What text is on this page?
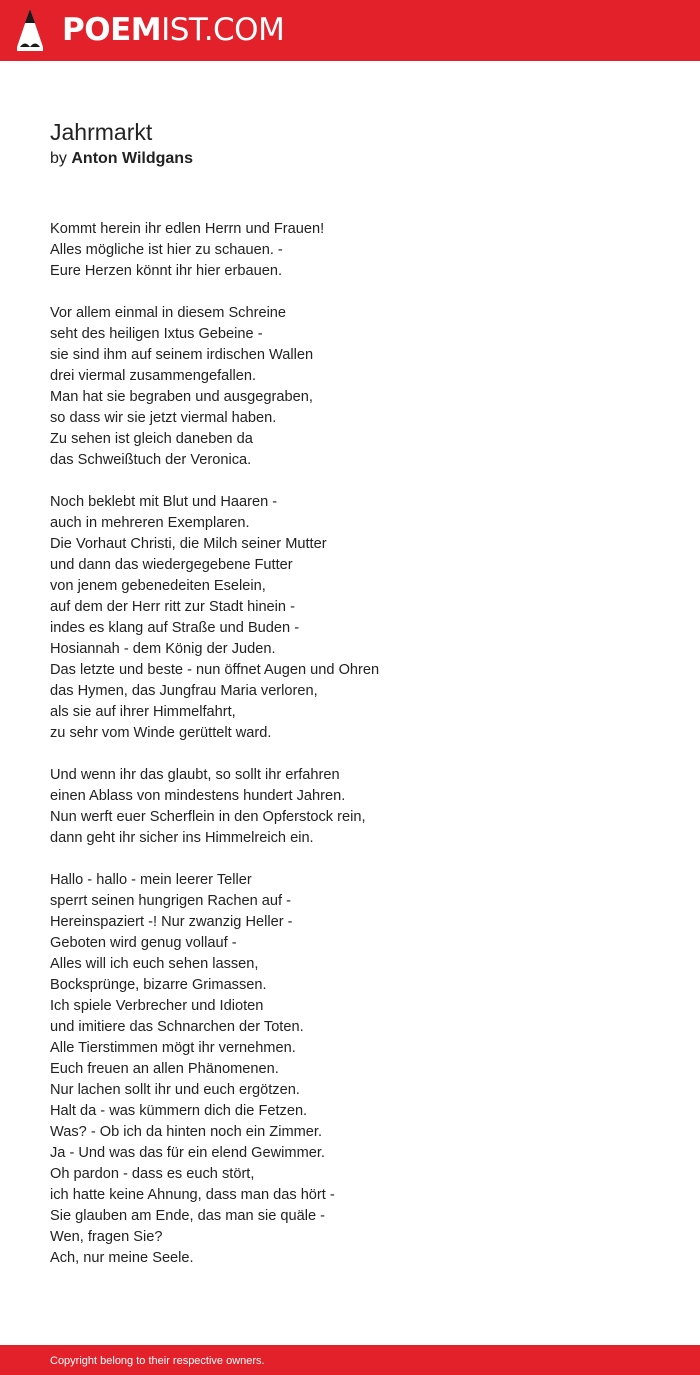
POEMIST.COM
Jahrmarkt
by Anton Wildgans
Kommt herein ihr edlen Herrn und Frauen!
Alles mögliche ist hier zu schauen. -
Eure Herzen könnt ihr hier erbauen.
Vor allem einmal in diesem Schreine
seht des heiligen Ixtus Gebeine -
sie sind ihm auf seinem irdischen Wallen
drei viermal zusammengefallen.
Man hat sie begraben und ausgegraben,
so dass wir sie jetzt viermal haben.
Zu sehen ist gleich daneben da
das Schweißtuch der Veronica.
Noch beklebt mit Blut und Haaren -
auch in mehreren Exemplaren.
Die Vorhaut Christi, die Milch seiner Mutter
und dann das wiedergegebene Futter
von jenem gebenedeiten Eselein,
auf dem der Herr ritt zur Stadt hinein -
indes es klang auf Straße und Buden -
Hosiannah - dem König der Juden.
Das letzte und beste - nun öffnet Augen und Ohren
das Hymen, das Jungfrau Maria verloren,
als sie auf ihrer Himmelfahrt,
zu sehr vom Winde gerüttelt ward.
Und wenn ihr das glaubt, so sollt ihr erfahren
einen Ablass von mindestens hundert Jahren.
Nun werft euer Scherflein in den Opferstock rein,
dann geht ihr sicher ins Himmelreich ein.
Hallo - hallo - mein leerer Teller
sperrt seinen hungrigen Rachen auf -
Hereinspaziert -! Nur zwanzig Heller -
Geboten wird genug vollauf -
Alles will ich euch sehen lassen,
Bocksprünge, bizarre Grimassen.
Ich spiele Verbrecher und Idioten
und imitiere das Schnarchen der Toten.
Alle Tierstimmen mögt ihr vernehmen.
Euch freuen an allen Phänomenen.
Nur lachen sollt ihr und euch ergötzen.
Halt da - was kümmern dich die Fetzen.
Was? - Ob ich da hinten noch ein Zimmer.
Ja - Und was das für ein elend Gewimmer.
Oh pardon - dass es euch stört,
ich hatte keine Ahnung, dass man das hört -
Sie glauben am Ende, das man sie quäle -
Wen, fragen Sie?
Ach, nur meine Seele.
Copyright belong to their respective owners.
